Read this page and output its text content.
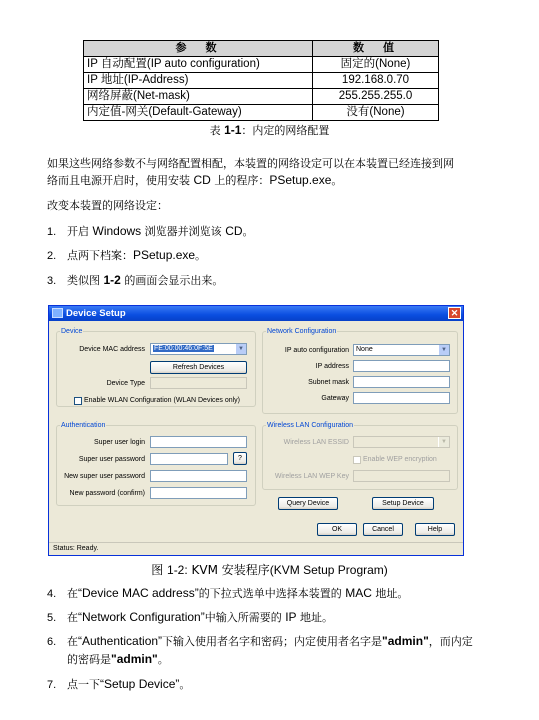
参　数	数　值
IP 自动配置(IP auto configuration)	固定的(None)
IP 地址(IP-Address)	192.168.0.70
网络屏蔽(Net-mask)	255.255.255.0
内定值-网关(Default-Gateway)	没有(None)
表 1-1：内定的网络配置
如果这些网络参数不与网络配置相配，本装置的网络设定可以在本装置已经连接到网
络而且电源开启时，使用安装 CD 上的程序：PSetup.exe。
改变本装置的网络设定：
1. 开启 Windows 浏览器并浏览该 CD。
2. 点两下档案：PSetup.exe。
3. 类似图 1-2 的画面会显示出来。
Device Setup	✕
Device
Device MAC address	FE:00:00:46:0F:5E	▼
Refresh Devices
Device Type
Enable WLAN Configuration (WLAN Devices only)
Network Configuration
IP auto configuration	None	▼
IP address
Subnet mask
Gateway
Authentication
Super user login
Super user password	?
New super user password
New password (confirm)
Wireless LAN Configuration
Wireless LAN ESSID	▼
Enable WEP encryption
Wireless LAN WEP Key
Query Device	Setup Device
OK	Cancel	Help
Status: Ready.
图 1-2: KVM 安装程序(KVM Setup Program)
4. 在“Device MAC address”的下拉式选单中选择本装置的 MAC 地址。
5. 在“Network Configuration”中输入所需要的 IP 地址。
6. 在“Authentication”下输入使用者名字和密码；内定使用者名字是"admin"，而内定
的密码是"admin"。
7. 点一下“Setup Device”。
